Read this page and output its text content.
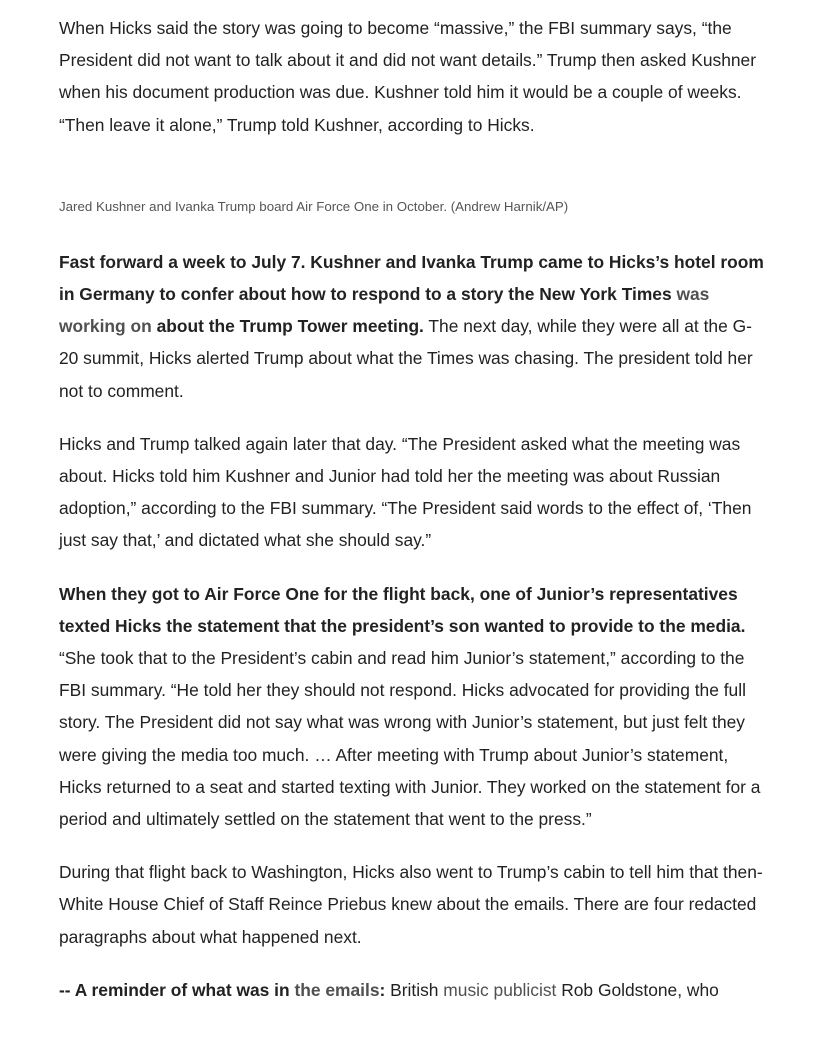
When Hicks said the story was going to become “massive,” the FBI summary says, “the President did not want to talk about it and did not want details.” Trump then asked Kushner when his document production was due. Kushner told him it would be a couple of weeks. “Then leave it alone,” Trump told Kushner, according to Hicks.

Jared Kushner and Ivanka Trump board Air Force One in October. (Andrew Harnik/AP)

Fast forward a week to July 7. Kushner and Ivanka Trump came to Hicks’s hotel room in Germany to confer about how to respond to a story the New York Times was working on about the Trump Tower meeting. The next day, while they were all at the G-20 summit, Hicks alerted Trump about what the Times was chasing. The president told her not to comment.

Hicks and Trump talked again later that day. “The President asked what the meeting was about. Hicks told him Kushner and Junior had told her the meeting was about Russian adoption,” according to the FBI summary. “The President said words to the effect of, ‘Then just say that,’ and dictated what she should say.”

When they got to Air Force One for the flight back, one of Junior’s representatives texted Hicks the statement that the president’s son wanted to provide to the media. “She took that to the President’s cabin and read him Junior’s statement,” according to the FBI summary. “He told her they should not respond. Hicks advocated for providing the full story. The President did not say what was wrong with Junior’s statement, but just felt they were giving the media too much. … After meeting with Trump about Junior’s statement, Hicks returned to a seat and started texting with Junior. They worked on the statement for a period and ultimately settled on the statement that went to the press.”

During that flight back to Washington, Hicks also went to Trump’s cabin to tell him that then-White House Chief of Staff Reince Priebus knew about the emails. There are four redacted paragraphs about what happened next.

-- A reminder of what was in the emails: British music publicist Rob Goldstone, who
